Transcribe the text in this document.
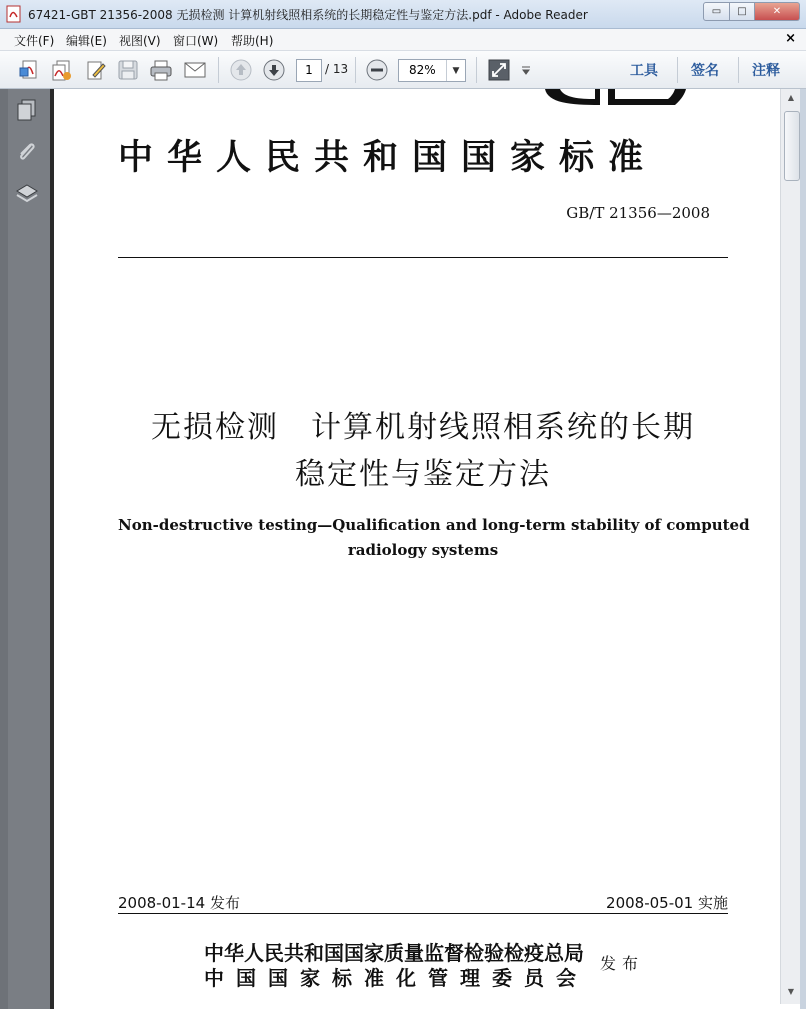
67421-GBT 21356-2008 无损检测 计算机射线照相系统的长期稳定性与鉴定方法.pdf - Adobe Reader	▭ □	✕
文件(F) 编辑(E) 视图(V) 窗口(W) 帮助(H)	×
1	/ 13	82%	▼	工具 签名 注释
中华人民共和国国家标准
GB/T 21356—2008
无损检测　计算机射线照相系统的长期
稳定性与鉴定方法
Non-destructive testing—Qualification and long-term stability of computed
radiology systems
2008-01-14 发布	2008-05-01 实施
中华人民共和国国家质量监督检验检疫总局
中国国家标准化管理委员会
发布
▲
▼
